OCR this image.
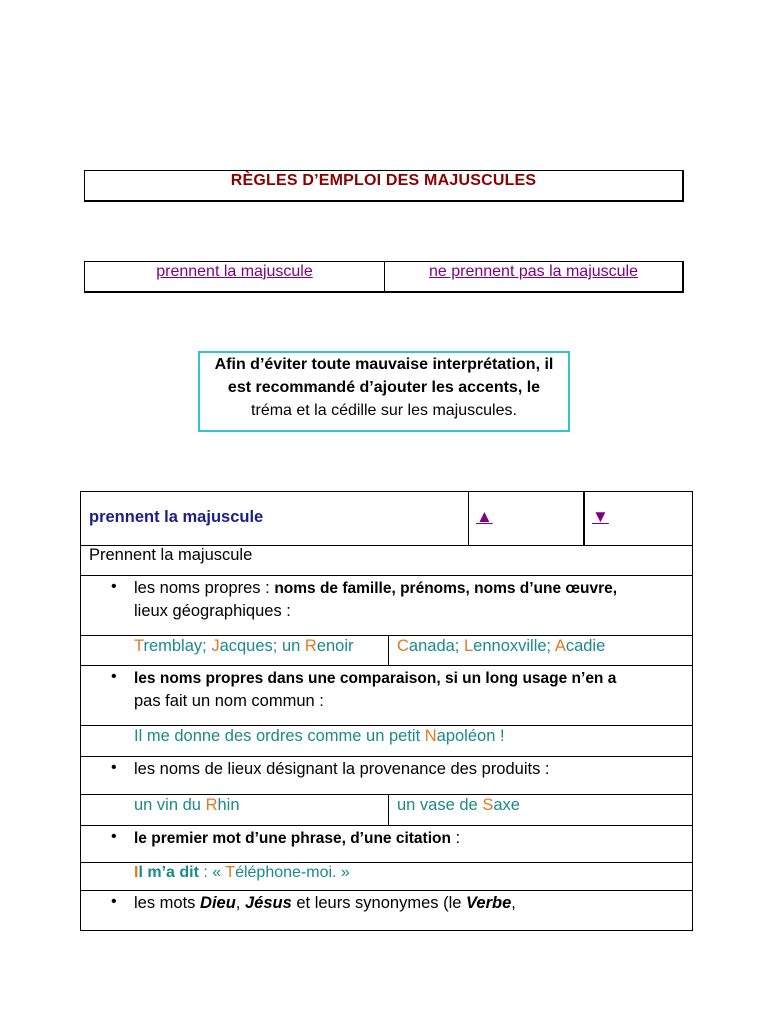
RÈGLES D’EMPLOI DES MAJUSCULES
prennent la majuscule	ne prennent pas la majuscule
Afin d’éviter toute mauvaise interprétation, il
est recommandé d’ajouter les accents, le
tréma et la cédille sur les majuscules.
prennent la majuscule	▲	▼
Prennent la majuscule
• les noms propres : noms de famille, prénoms, noms d’une œuvre,
lieux géographiques :
Tremblay; Jacques; un Renoir	Canada; Lennoxville; Acadie
• les noms propres dans une comparaison, si un long usage n’en a
pas fait un nom commun :
Il me donne des ordres comme un petit Napoléon !
• les noms de lieux désignant la provenance des produits :
un vin du Rhin	un vase de Saxe
• le premier mot d’une phrase, d’une citation :
Il m’a dit : « Téléphone-moi. »
• les mots Dieu, Jésus et leurs synonymes (le Verbe,
